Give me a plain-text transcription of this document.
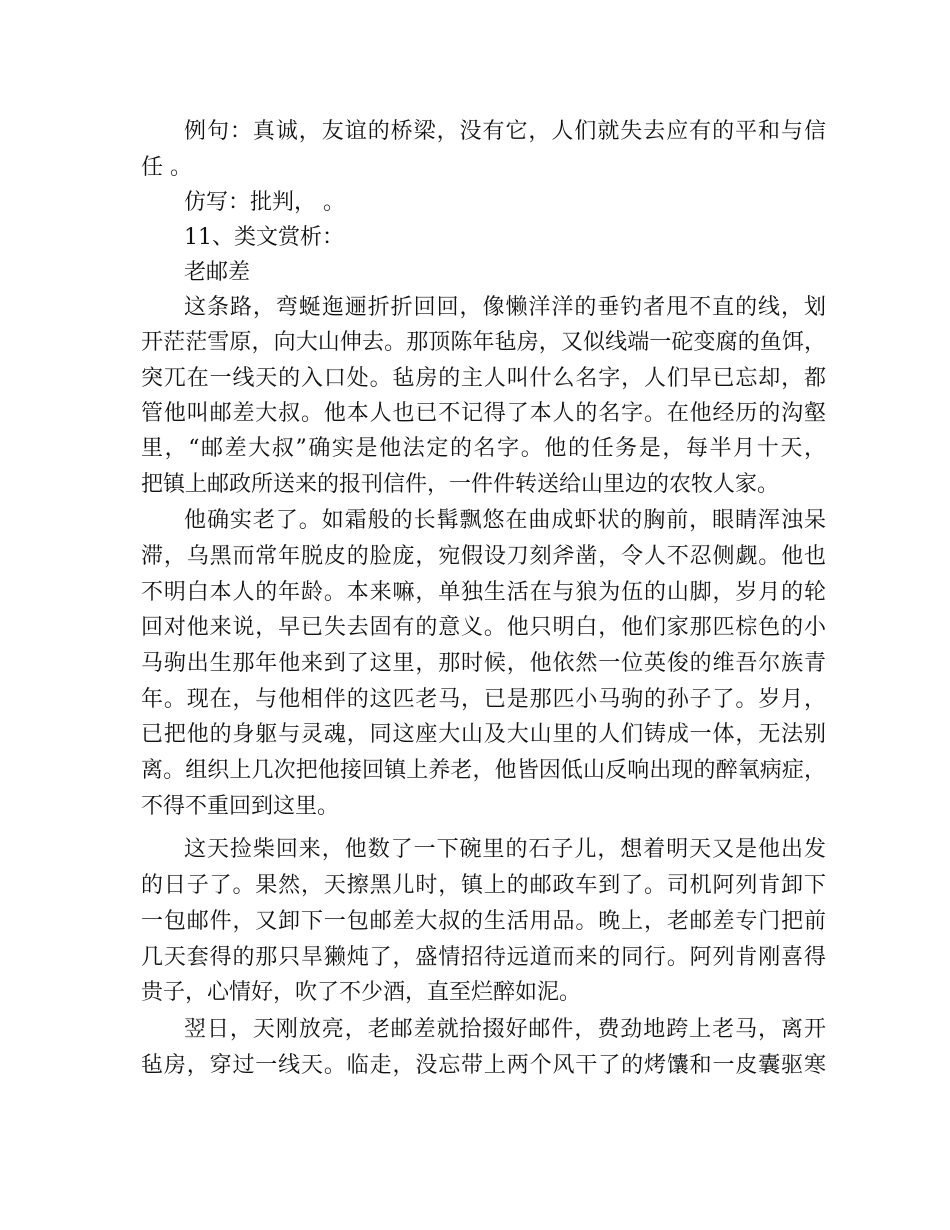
例句：真诚，友谊的桥梁，没有它，人们就失去应有的平和与信
任 。
仿写：批判， 。
11、类文赏析：
老邮差
这条路，弯蜒迤逦折折回回，像懒洋洋的垂钓者甩不直的线，划
开茫茫雪原，向大山伸去。那顶陈年毡房，又似线端一砣变腐的鱼饵，
突兀在一线天的入口处。毡房的主人叫什么名字，人们早已忘却，都
管他叫邮差大叔。他本人也已不记得了本人的名字。在他经历的沟壑
里，“邮差大叔”确实是他法定的名字。他的任务是，每半月十天，
把镇上邮政所送来的报刊信件，一件件转送给山里边的农牧人家。
他确实老了。如霜般的长髯飘悠在曲成虾状的胸前，眼睛浑浊呆
滞，乌黑而常年脱皮的脸庞，宛假设刀刻斧凿，令人不忍侧觑。他也
不明白本人的年龄。本来嘛，单独生活在与狼为伍的山脚，岁月的轮
回对他来说，早已失去固有的意义。他只明白，他们家那匹棕色的小
马驹出生那年他来到了这里，那时候，他依然一位英俊的维吾尔族青
年。现在，与他相伴的这匹老马，已是那匹小马驹的孙子了。岁月，
已把他的身躯与灵魂，同这座大山及大山里的人们铸成一体，无法别
离。组织上几次把他接回镇上养老，他皆因低山反响出现的醉氧病症，
不得不重回到这里。
这天捡柴回来，他数了一下碗里的石子儿，想着明天又是他出发
的日子了。果然，天擦黑儿时，镇上的邮政车到了。司机阿列肯卸下
一包邮件，又卸下一包邮差大叔的生活用品。晚上，老邮差专门把前
几天套得的那只旱獭炖了，盛情招待远道而来的同行。阿列肯刚喜得
贵子，心情好，吹了不少酒，直至烂醉如泥。
翌日，天刚放亮，老邮差就拾掇好邮件，费劲地跨上老马，离开
毡房，穿过一线天。临走，没忘带上两个风干了的烤馕和一皮囊驱寒
